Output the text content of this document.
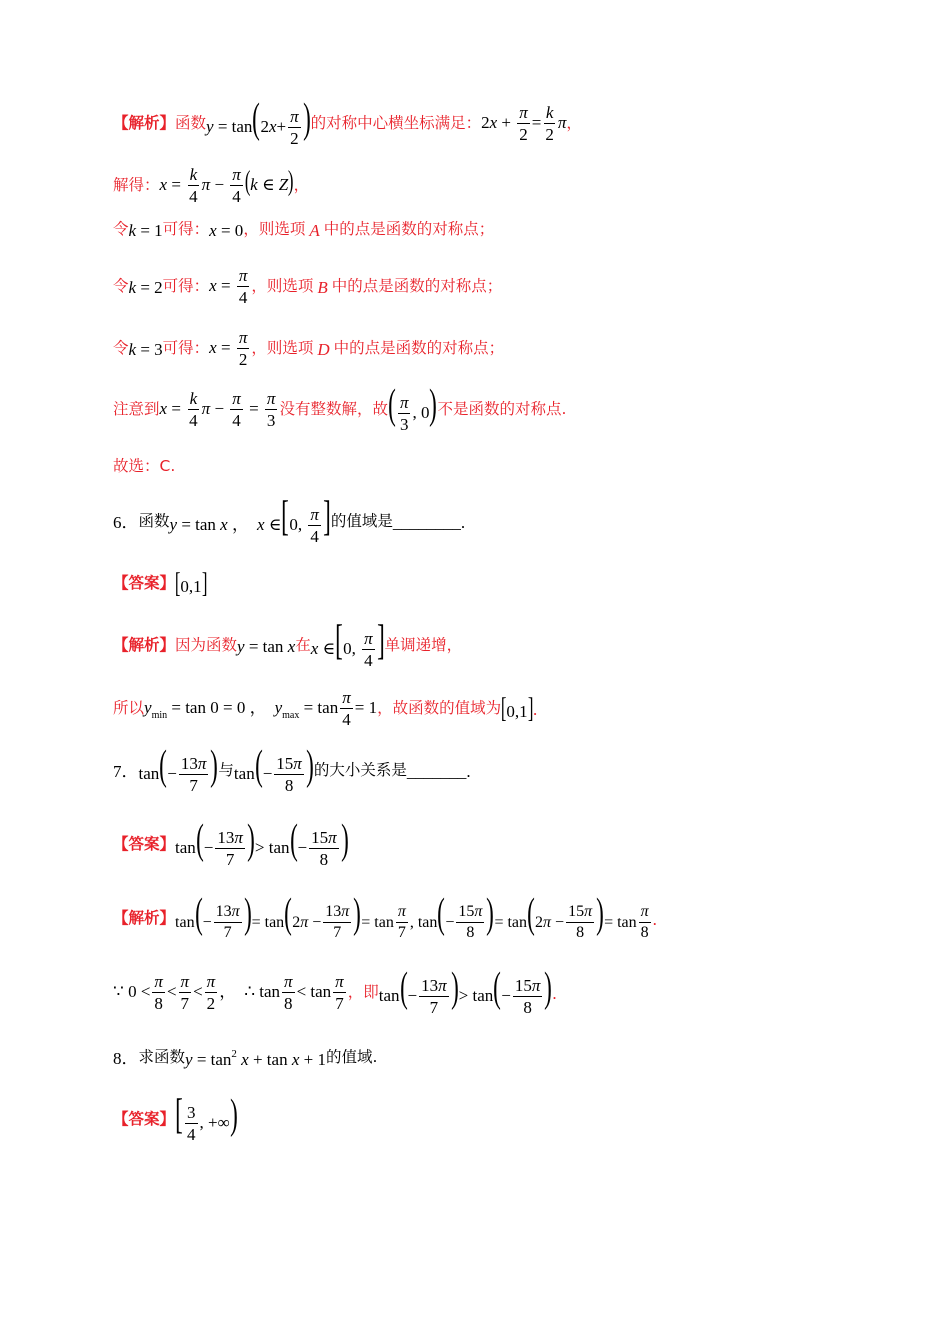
【解析】 函数 $y = \tan(2x+ \frac{\pi}{2}$ ) 的对称中心横坐标满足： $2x + \frac{\pi}{2} = \frac{k}{2}$ π ，
解得： $x = \frac{k}{4}$ $\pi - \frac{\pi}{4} (k$ ∈ Z) ，
令 k = 1 可得： x = 0 ，则选项 A 中的点是函数的对称点；
令 k = 2 可得： $x = \frac{\pi}{4}$ ，则选项 B 中的点是函数的对称点；
令 k = 3 可得： $x = \frac{\pi}{2}$ ，则选项 D 中的点是函数的对称点；
注意到 $x = \frac{k}{4}$ $\pi - \frac{\pi}{4} = \frac{\pi}{3}$ 没有整数解，故 ( $\frac{\pi}{3}$ , 0) 不是函数的对称点.
故选：C.
6． 函数 y = tan x ， x ∈[0, $\frac{\pi}{4}$ ] 的值域是 ________ .
【答案】 [0,1]
【解析】 因为函数 y = tan x 在 x ∈[0, $\frac{\pi}{4}$ ] 单调递增，
所以 $y_{min} = \tan 0 = 0$ ， $y_{max} = \tan \frac{\pi}{4} = 1$ ，故函数的值域为 [0,1] .
7． $\tan(- \frac{13\pi}{7}$ ) 与 $\tan(- \frac{15\pi}{8}$ ) 的大小关系是 _______ .
【答案】 $\tan(- \frac{13\pi}{7}$ )> $\tan(- \frac{15\pi}{8}$ )
【解析】 $\tan(- \frac{13\pi}{7}$ )= $\tan(2\pi - \frac{13\pi}{7}$ )= $\tan \frac{\pi}{7}$ , $\tan(- \frac{15\pi}{8}$ )= $\tan(2\pi - \frac{15\pi}{8}$ )= $\tan \frac{\pi}{8}$ .
∵ $0 < \frac{\pi}{8} < \frac{\pi}{7} < \frac{\pi}{2}$ ， ∴ $\tan \frac{\pi}{8} < \tan \frac{\pi}{7}$ ， 即 $\tan(- \frac{13\pi}{7}$ )> $\tan(- \frac{15\pi}{8}$ ) .
8． 求函数 $y = \tan^2 x + \tan x + 1$ 的值域.
【答案】 [ $\frac{3}{4}$ , +∞)
